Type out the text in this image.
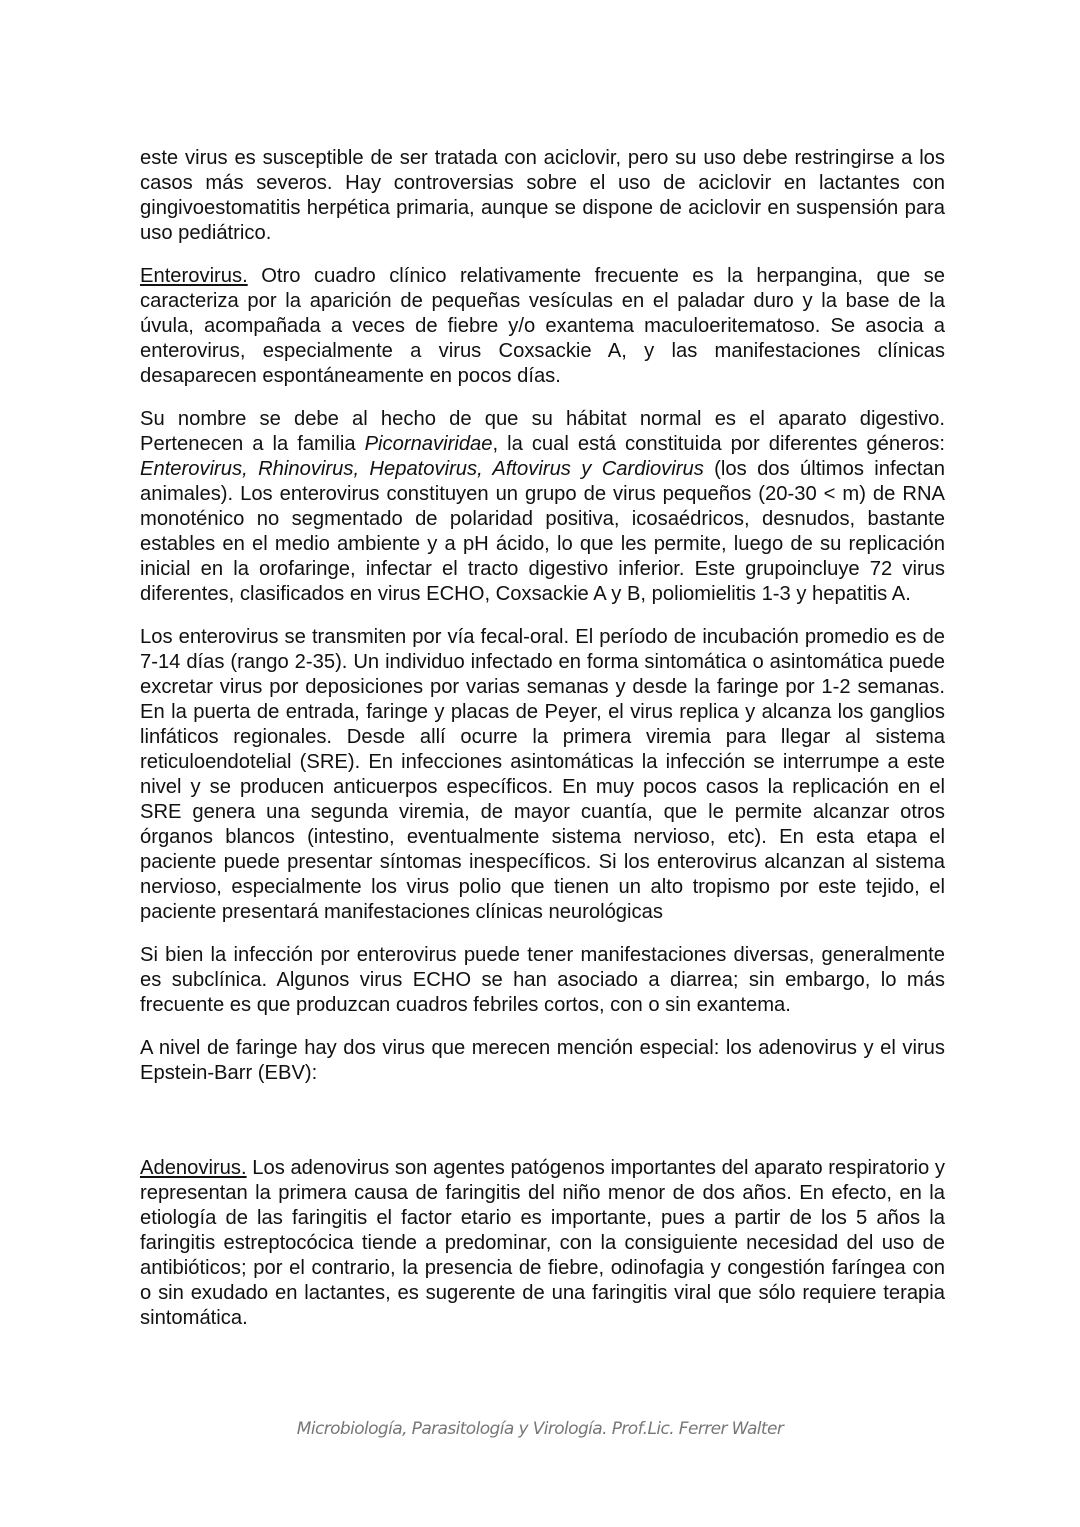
este virus es susceptible de ser tratada con aciclovir, pero su uso debe restringirse a los casos más severos. Hay controversias sobre el uso de aciclovir en lactantes con gingivoestomatitis herpética primaria, aunque se dispone de aciclovir en suspensión para uso pediátrico.

Enterovirus. Otro cuadro clínico relativamente frecuente es la herpangina, que se caracteriza por la aparición de pequeñas vesículas en el paladar duro y la base de la úvula, acompañada a veces de fiebre y/o exantema maculoeritematoso. Se asocia a enterovirus, especialmente a virus Coxsackie A, y las manifestaciones clínicas desaparecen espontáneamente en pocos días.

Su nombre se debe al hecho de que su hábitat normal es el aparato digestivo. Pertenecen a la familia Picornaviridae, la cual está constituida por diferentes géneros: Enterovirus, Rhinovirus, Hepatovirus, Aftovirus y Cardiovirus (los dos últimos infectan animales). Los enterovirus constituyen un grupo de virus pequeños (20-30 < m) de RNA monoténico no segmentado de polaridad positiva, icosaédricos, desnudos, bastante estables en el medio ambiente y a pH ácido, lo que les permite, luego de su replicación inicial en la orofaringe, infectar el tracto digestivo inferior. Este grupoincluye 72 virus diferentes, clasificados en virus ECHO, Coxsackie A y B, poliomielitis 1-3 y hepatitis A.

Los enterovirus se transmiten por vía fecal-oral. El período de incubación promedio es de 7-14 días (rango 2-35). Un individuo infectado en forma sintomática o asintomática puede excretar virus por deposiciones por varias semanas y desde la faringe por 1-2 semanas. En la puerta de entrada, faringe y placas de Peyer, el virus replica y alcanza los ganglios linfáticos regionales. Desde allí ocurre la primera viremia para llegar al sistema reticuloendotelial (SRE). En infecciones asintomáticas la infección se interrumpe a este nivel y se producen anticuerpos específicos. En muy pocos casos la replicación en el SRE genera una segunda viremia, de mayor cuantía, que le permite alcanzar otros órganos blancos (intestino, eventualmente sistema nervioso, etc). En esta etapa el paciente puede presentar síntomas inespecíficos. Si los enterovirus alcanzan al sistema nervioso, especialmente los virus polio que tienen un alto tropismo por este tejido, el paciente presentará manifestaciones clínicas neurológicas

Si bien la infección por enterovirus puede tener manifestaciones diversas, generalmente es subclínica. Algunos virus ECHO se han asociado a diarrea; sin embargo, lo más frecuente es que produzcan cuadros febriles cortos, con o sin exantema.

A nivel de faringe hay dos virus que merecen mención especial: los adenovirus y el virus Epstein-Barr (EBV):

Adenovirus. Los adenovirus son agentes patógenos importantes del aparato respiratorio y representan la primera causa de faringitis del niño menor de dos años. En efecto, en la etiología de las faringitis el factor etario es importante, pues a partir de los 5 años la faringitis estreptocócica tiende a predominar, con la consiguiente necesidad del uso de antibióticos; por el contrario, la presencia de fiebre, odinofagia y congestión faríngea con o sin exudado en lactantes, es sugerente de una faringitis viral que sólo requiere terapia sintomática.

Microbiología, Parasitología y Virología. Prof.Lic. Ferrer Walter
